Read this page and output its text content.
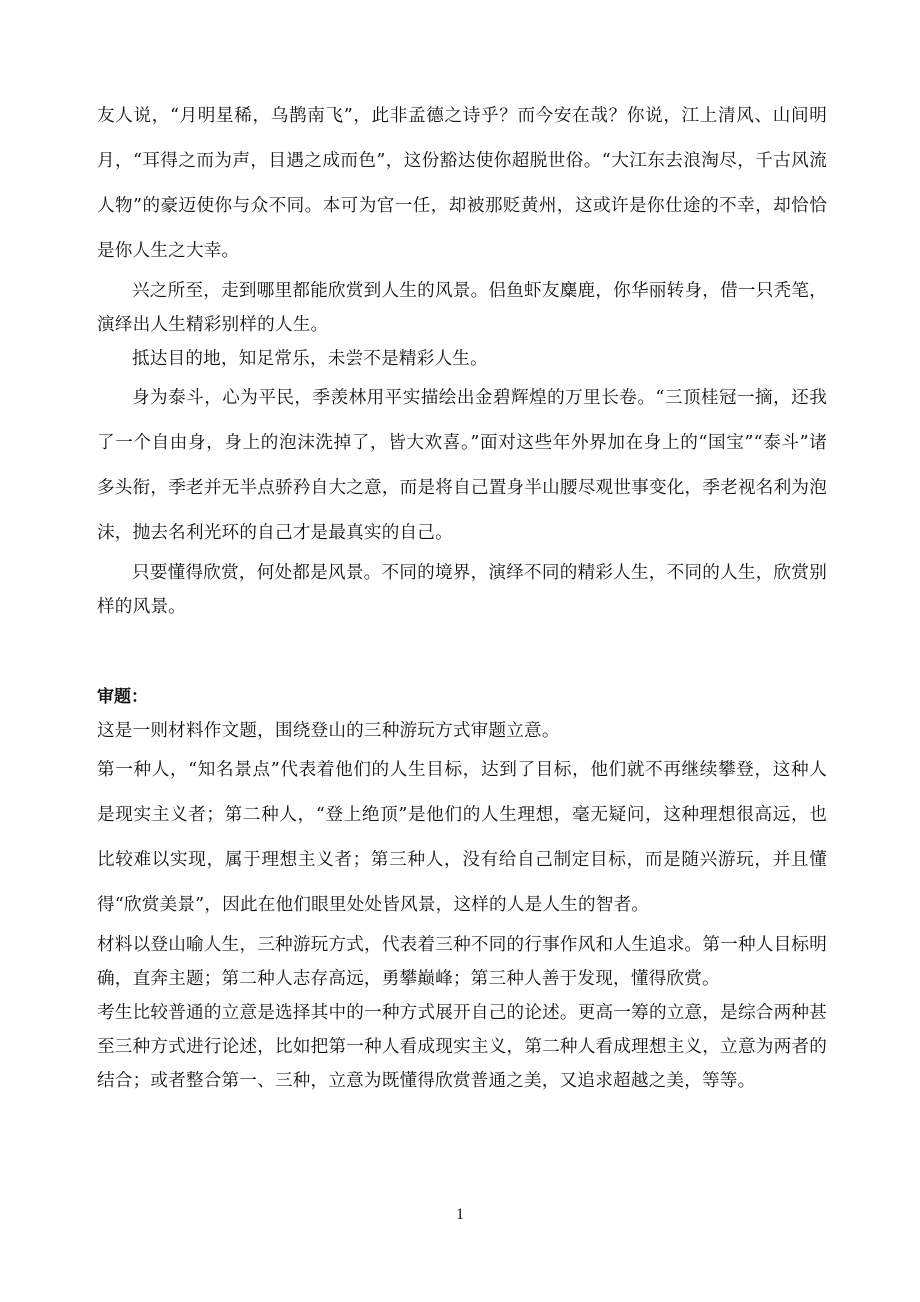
友人说，“月明星稀，乌鹊南飞”，此非孟德之诗乎？而今安在哉？你说，江上清风、山间明月，“耳得之而为声，目遇之成而色”，这份豁达使你超脱世俗。“大江东去浪淘尽，千古风流人物”的豪迈使你与众不同。本可为官一任，却被那贬黄州，这或许是你仕途的不幸，却恰恰是你人生之大幸。

兴之所至，走到哪里都能欣赏到人生的风景。侣鱼虾友麋鹿，你华丽转身，借一只秃笔，演绎出人生精彩别样的人生。

抵达目的地，知足常乐，未尝不是精彩人生。

身为泰斗，心为平民，季羡林用平实描绘出金碧辉煌的万里长卷。“三顶桂冠一摘，还我了一个自由身，身上的泡沫洗掉了，皆大欢喜。”面对这些年外界加在身上的“国宝”“泰斗”诸多头衔，季老并无半点骄矜自大之意，而是将自己置身半山腰尽观世事变化，季老视名利为泡沫，抛去名利光环的自己才是最真实的自己。

只要懂得欣赏，何处都是风景。不同的境界，演绎不同的精彩人生，不同的人生，欣赏别样的风景。

审题：

这是一则材料作文题，围绕登山的三种游玩方式审题立意。

第一种人，“知名景点”代表着他们的人生目标，达到了目标，他们就不再继续攀登，这种人是现实主义者；第二种人，“登上绝顶”是他们的人生理想，毫无疑问，这种理想很高远，也比较难以实现，属于理想主义者；第三种人，没有给自己制定目标，而是随兴游玩，并且懂得“欣赏美景”，因此在他们眼里处处皆风景，这样的人是人生的智者。

材料以登山喻人生，三种游玩方式，代表着三种不同的行事作风和人生追求。第一种人目标明确，直奔主题；第二种人志存高远，勇攀巅峰；第三种人善于发现，懂得欣赏。

考生比较普通的立意是选择其中的一种方式展开自己的论述。更高一筹的立意，是综合两种甚至三种方式进行论述，比如把第一种人看成现实主义，第二种人看成理想主义，立意为两者的结合；或者整合第一、三种，立意为既懂得欣赏普通之美，又追求超越之美，等等。

1
